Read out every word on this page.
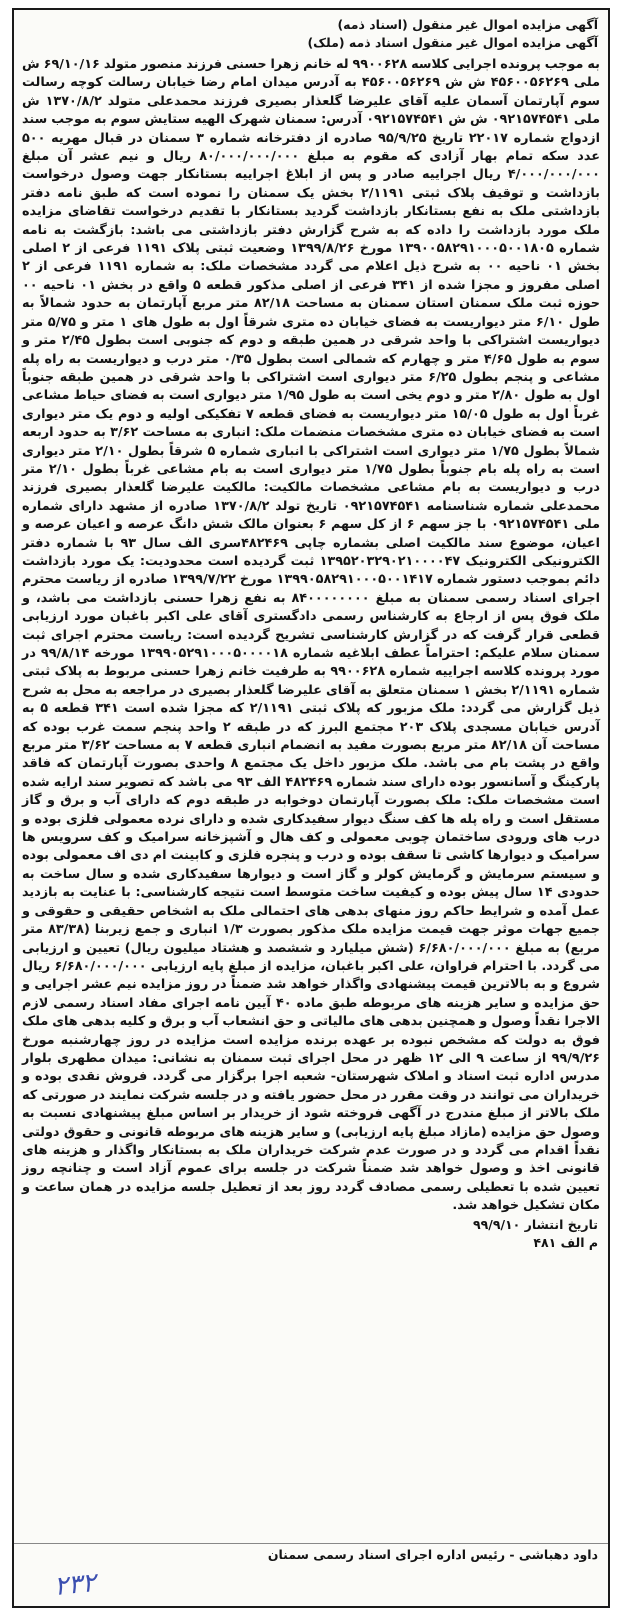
آگهی مزایده اموال غیر منقول (اسناد ذمه)
آگهی مزایده اموال غیر منقول اسناد ذمه (ملک)

به موجب پرونده اجرایی کلاسه ۹۹۰۰۶۲۸ له خانم زهرا حسنی فرزند منصور متولد ۶۹/۱۰/۱۶ ش ملی ۴۵۶۰۰۵۶۲۶۹ ش ش ۴۵۶۰۰۵۶۲۶۹ به آدرس میدان امام رضا خیابان رسالت کوچه رسالت سوم آپارتمان آسمان علیه آقای علیرضا گلعذار بصیری فرزند محمدعلی متولد ۱۳۷۰/۸/۲ ش ملی ۰۹۲۱۵۷۴۵۴۱ ش ش ۰۹۲۱۵۷۴۵۴۱ آدرس: سمنان شهرک الهیه ستایش سوم به موجب سند ازدواج شماره ۲۲۰۱۷ تاریخ ۹۵/۹/۲۵ صادره از دفترخانه شماره ۳ سمنان در قبال مهریه ۵۰۰ عدد سکه تمام بهار آزادی که مقوم به مبلغ ۸۰/۰۰۰/۰۰۰/۰۰۰ ریال و نیم عشر آن مبلغ ۴/۰۰۰/۰۰۰/۰۰۰ ریال اجراییه صادر و پس از ابلاغ اجراییه بستانکار جهت وصول درخواست بازداشت و توقیف پلاک ثبتی ۲/۱۱۹۱ بخش یک سمنان را نموده است که طبق نامه دفتر بازداشتی ملک به نفع بستانکار بازداشت گردید بستانکار با تقدیم درخواست تقاضای مزایده ملک مورد بازداشت را داده که به شرح گزارش دفتر بازداشتی می باشد: بازگشت به نامه شماره ۱۳۹۰۰۵۸۲۹۱۰۰۰۵۰۰۱۸۰۵ مورخ ۱۳۹۹/۸/۲۶ وضعیت ثبتی پلاک ۱۱۹۱ فرعی از ۲ اصلی بخش ۰۱ ناحیه ۰۰ به شرح ذیل اعلام می گردد مشخصات ملک: به شماره ۱۱۹۱ فرعی از ۲ اصلی مفروز و مجزا شده از ۳۴۱ فرعی از اصلی مذکور قطعه ۵ واقع در بخش ۰۱ ناحیه ۰۰ حوزه ثبت ملک سمنان استان سمنان به مساحت ۸۲/۱۸ متر مربع آپارتمان به حدود شمالاً به طول ۶/۱۰ متر دیواریست به فضای خیابان ده متری شرقاً اول به طول های ۱ متر و ۵/۷۵ متر دیواریست اشتراکی با واحد شرقی در همین طبقه و دوم که جنوبی است بطول ۲/۴۵ متر و سوم به طول ۴/۶۵ متر و چهارم که شمالی است بطول ۰/۳۵ متر درب و دیواریست به راه پله مشاعی و پنجم بطول ۶/۲۵ متر دیواری است اشتراکی با واحد شرقی در همین طبقه جنوباً اول به طول ۲/۸۰ متر و دوم یخی است به طول ۱/۹۵ متر دیواری است به فضای حیاط مشاعی غرباً اول به طول ۱۵/۰۵ متر دیواریست به فضای قطعه ۷ تفکیکی اولیه و دوم یک متر دیواری است به فضای خیابان ده متری مشخصات منضمات ملک: انباری به مساحت ۳/۶۲ به حدود اربعه شمالاً بطول ۱/۷۵ متر دیواری است اشتراکی با انباری شماره ۵ شرقاً بطول ۲/۱۰ متر دیواری است به راه پله بام جنوباً بطول ۱/۷۵ متر دیواری است به بام مشاعی غرباً بطول ۲/۱۰ متر درب و دیواریست به بام مشاعی مشخصات مالکیت: مالکیت علیرضا گلعذار بصیری فرزند محمدعلی شماره شناسنامه ۰۹۲۱۵۷۴۵۴۱ تاریخ تولد ۱۳۷۰/۸/۲ صادره از مشهد دارای شماره ملی ۰۹۲۱۵۷۴۵۴۱ با جز سهم ۶ از کل سهم ۶ بعنوان مالک شش دانگ عرصه و اعیان عرصه و اعیان، موضوع سند مالکیت اصلی بشماره چاپی ۴۸۲۴۶۹سری الف سال ۹۳ با شماره دفتر الکترونیکی الکترونیک ۱۳۹۵۲۰۳۲۹۰۲۱۰۰۰۰۴۷ ثبت گردیده است محدودیت: یک مورد بازداشت دائم بموجب دستور شماره ۱۳۹۹۰۵۸۲۹۱۰۰۰۵۰۰۱۴۱۷ مورخ ۱۳۹۹/۷/۲۲ صادره از ریاست محترم اجرای اسناد رسمی سمنان به مبلغ ۸۴۰۰۰۰۰۰۰۰ به نفع زهرا حسنی بازداشت می باشد، و ملک فوق پس از ارجاع به کارشناس رسمی دادگستری آقای علی اکبر باغبان مورد ارزیابی قطعی قرار گرفت که در گزارش کارشناسی تشریح گردیده است: ریاست محترم اجرای ثبت سمنان سلام علیکم: احتراماً عطف ابلاغیه شماره ۱۳۹۹۰۵۲۹۱۰۰۰۵۰۰۰۰۱۸ مورخه ۹۹/۸/۱۴ در مورد پرونده کلاسه اجراییه شماره ۹۹۰۰۶۲۸ به طرفیت خانم زهرا حسنی مربوط به پلاک ثبتی شماره ۲/۱۱۹۱ بخش ۱ سمنان متعلق به آقای علیرضا گلعذار بصیری در مراجعه به محل به شرح ذیل گزارش می گردد: ملک مزبور که پلاک ثبتی ۲/۱۱۹۱ که مجزا شده است ۳۴۱ قطعه ۵ به آدرس خیابان مسجدی پلاک ۲۰۳ مجتمع البرز که در طبقه ۲ واحد پنجم سمت غرب بوده که مساحت آن ۸۲/۱۸ متر مربع بصورت مفید به انضمام انباری قطعه ۷ به مساحت ۳/۶۲ متر مربع واقع در پشت بام می باشد. ملک مزبور داخل یک مجتمع ۸ واحدی بصورت آپارتمان که فاقد پارکینگ و آسانسور بوده دارای سند شماره ۴۸۲۴۶۹ الف ۹۳ می باشد که تصویر سند ارایه شده است مشخصات ملک: ملک بصورت آپارتمان دوخوابه در طبقه دوم که دارای آب و برق و گاز مستقل است و راه پله ها کف سنگ دیوار سفیدکاری شده و دارای نرده معمولی فلزی بوده و درب های ورودی ساختمان چوبی معمولی و کف هال و آشپزخانه سرامیک و کف سرویس ها سرامیک و دیوارها کاشی تا سقف بوده و درب و پنجره فلزی و کابینت ام دی اف معمولی بوده و سیستم سرمایش و گرمایش کولر و گاز است و دیوارها سفیدکاری شده و سال ساخت به حدودی ۱۴ سال پیش بوده و کیفیت ساخت متوسط است نتیجه کارشناسی: با عنایت به بازدید عمل آمده و شرایط حاکم روز منهای بدهی های احتمالی ملک به اشخاص حقیقی و حقوقی و جمیع جهات موثر جهت قیمت مزایده ملک مذکور بصورت ۱/۳ انباری و جمع زیربنا (۸۳/۳۸ متر مربع) به مبلغ ۶/۶۸۰/۰۰۰/۰۰۰ (شش میلیارد و ششصد و هشتاد میلیون ریال) تعیین و ارزیابی می گردد. با احترام فراوان، علی اکبر باغبان، مزایده از مبلغ پایه ارزیابی ۶/۶۸۰/۰۰۰/۰۰۰ ریال شروع و به بالاترین قیمت پیشنهادی واگذار خواهد شد ضمناً در روز مزایده نیم عشر اجرایی و حق مزایده و سایر هزینه های مربوطه طبق ماده ۴۰ آیین نامه اجرای مفاد اسناد رسمی لازم الاجرا نقداً وصول و همچنین بدهی های مالیاتی و حق انشعاب آب و برق و کلیه بدهی های ملک فوق به دولت که مشخص نبوده بر عهده برنده مزایده است مزایده در روز چهارشنبه مورخ ۹۹/۹/۲۶ از ساعت ۹ الی ۱۲ ظهر در محل اجرای ثبت سمنان به نشانی: میدان مطهری بلوار مدرس اداره ثبت اسناد و املاک شهرستان- شعبه اجرا برگزار می گردد. فروش نقدی بوده و خریداران می توانند در وقت مقرر در محل حضور یافته و در جلسه شرکت نمایند در صورتی که ملک بالاتر از مبلغ مندرج در آگهی فروخته شود از خریدار بر اساس مبلغ پیشنهادی نسبت به وصول حق مزایده (مازاد مبلغ پایه ارزیابی) و سایر هزینه های مربوطه قانونی و حقوق دولتی نقداً اقدام می گردد و در صورت عدم شرکت خریداران ملک به بستانکار واگذار و هزینه های قانونی اخذ و وصول خواهد شد ضمناً شرکت در جلسه برای عموم آزاد است و چنانچه روز تعیین شده با تعطیلی رسمی مصادف گردد روز بعد از تعطیل جلسه مزایده در همان ساعت و مکان تشکیل خواهد شد.

تاریخ انتشار ۹۹/۹/۱۰
م الف ۴۸۱
داود دهباشی - رئیس اداره اجرای اسناد رسمی سمنان
۲۳۲
